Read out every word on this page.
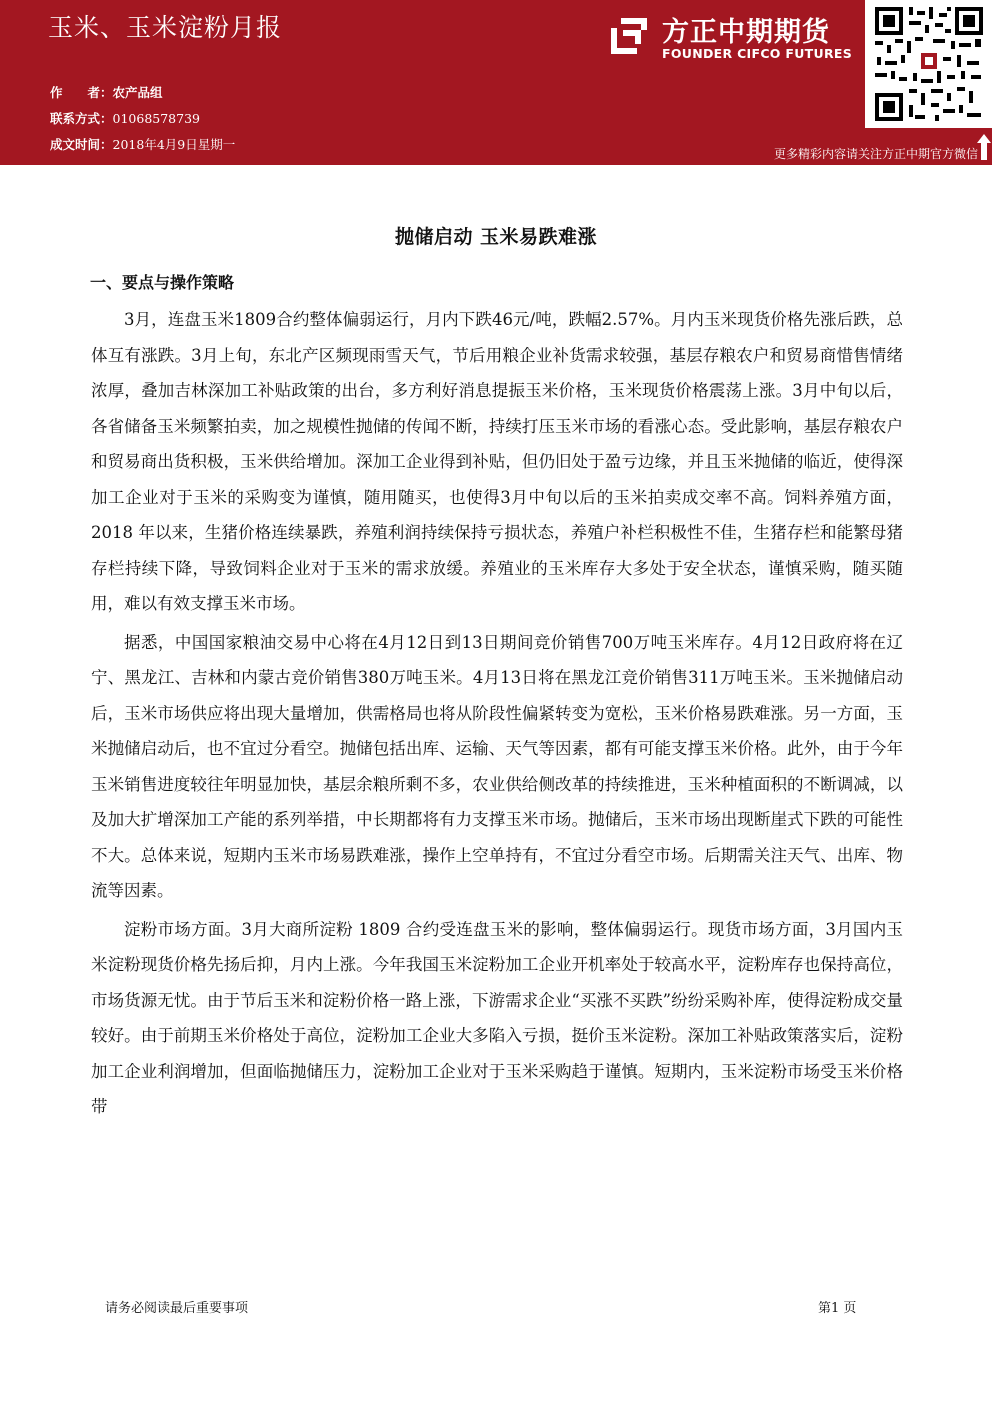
玉米、玉米淀粉月报
作　　者：农产品组
联系方式：01068578739
成文时间：2018年4月9日星期一
方正中期期货
FOUNDER CIFCO FUTURES
更多精彩内容请关注方正中期官方微信
抛储启动 玉米易跌难涨
一、要点与操作策略

3月，连盘玉米1809合约整体偏弱运行，月内下跌46元/吨，跌幅2.57%。月内玉米现货价格先涨后跌，总体互有涨跌。3月上旬，东北产区频现雨雪天气，节后用粮企业补货需求较强，基层存粮农户和贸易商惜售情绪浓厚，叠加吉林深加工补贴政策的出台，多方利好消息提振玉米价格，玉米现货价格震荡上涨。3月中旬以后，各省储备玉米频繁拍卖，加之规模性抛储的传闻不断，持续打压玉米市场的看涨心态。受此影响，基层存粮农户和贸易商出货积极，玉米供给增加。深加工企业得到补贴，但仍旧处于盈亏边缘，并且玉米抛储的临近，使得深加工企业对于玉米的采购变为谨慎，随用随买，也使得3月中旬以后的玉米拍卖成交率不高。饲料养殖方面，2018 年以来，生猪价格连续暴跌，养殖利润持续保持亏损状态，养殖户补栏积极性不佳，生猪存栏和能繁母猪存栏持续下降，导致饲料企业对于玉米的需求放缓。养殖业的玉米库存大多处于安全状态，谨慎采购，随买随用，难以有效支撑玉米市场。

据悉，中国国家粮油交易中心将在4月12日到13日期间竞价销售700万吨玉米库存。4月12日政府将在辽宁、黑龙江、吉林和内蒙古竞价销售380万吨玉米。4月13日将在黑龙江竞价销售311万吨玉米。玉米抛储启动后，玉米市场供应将出现大量增加，供需格局也将从阶段性偏紧转变为宽松，玉米价格易跌难涨。另一方面，玉米抛储启动后，也不宜过分看空。抛储包括出库、运输、天气等因素，都有可能支撑玉米价格。此外，由于今年玉米销售进度较往年明显加快，基层余粮所剩不多，农业供给侧改革的持续推进，玉米种植面积的不断调减，以及加大扩增深加工产能的系列举措，中长期都将有力支撑玉米市场。抛储后，玉米市场出现断崖式下跌的可能性不大。总体来说，短期内玉米市场易跌难涨，操作上空单持有，不宜过分看空市场。后期需关注天气、出库、物流等因素。

淀粉市场方面。3月大商所淀粉 1809 合约受连盘玉米的影响，整体偏弱运行。现货市场方面，3月国内玉米淀粉现货价格先扬后抑，月内上涨。今年我国玉米淀粉加工企业开机率处于较高水平，淀粉库存也保持高位，市场货源无忧。由于节后玉米和淀粉价格一路上涨，下游需求企业“买涨不买跌”纷纷采购补库，使得淀粉成交量较好。由于前期玉米价格处于高位，淀粉加工企业大多陷入亏损，挺价玉米淀粉。深加工补贴政策落实后，淀粉加工企业利润增加，但面临抛储压力，淀粉加工企业对于玉米采购趋于谨慎。短期内，玉米淀粉市场受玉米价格带

请务必阅读最后重要事项	第1 页
